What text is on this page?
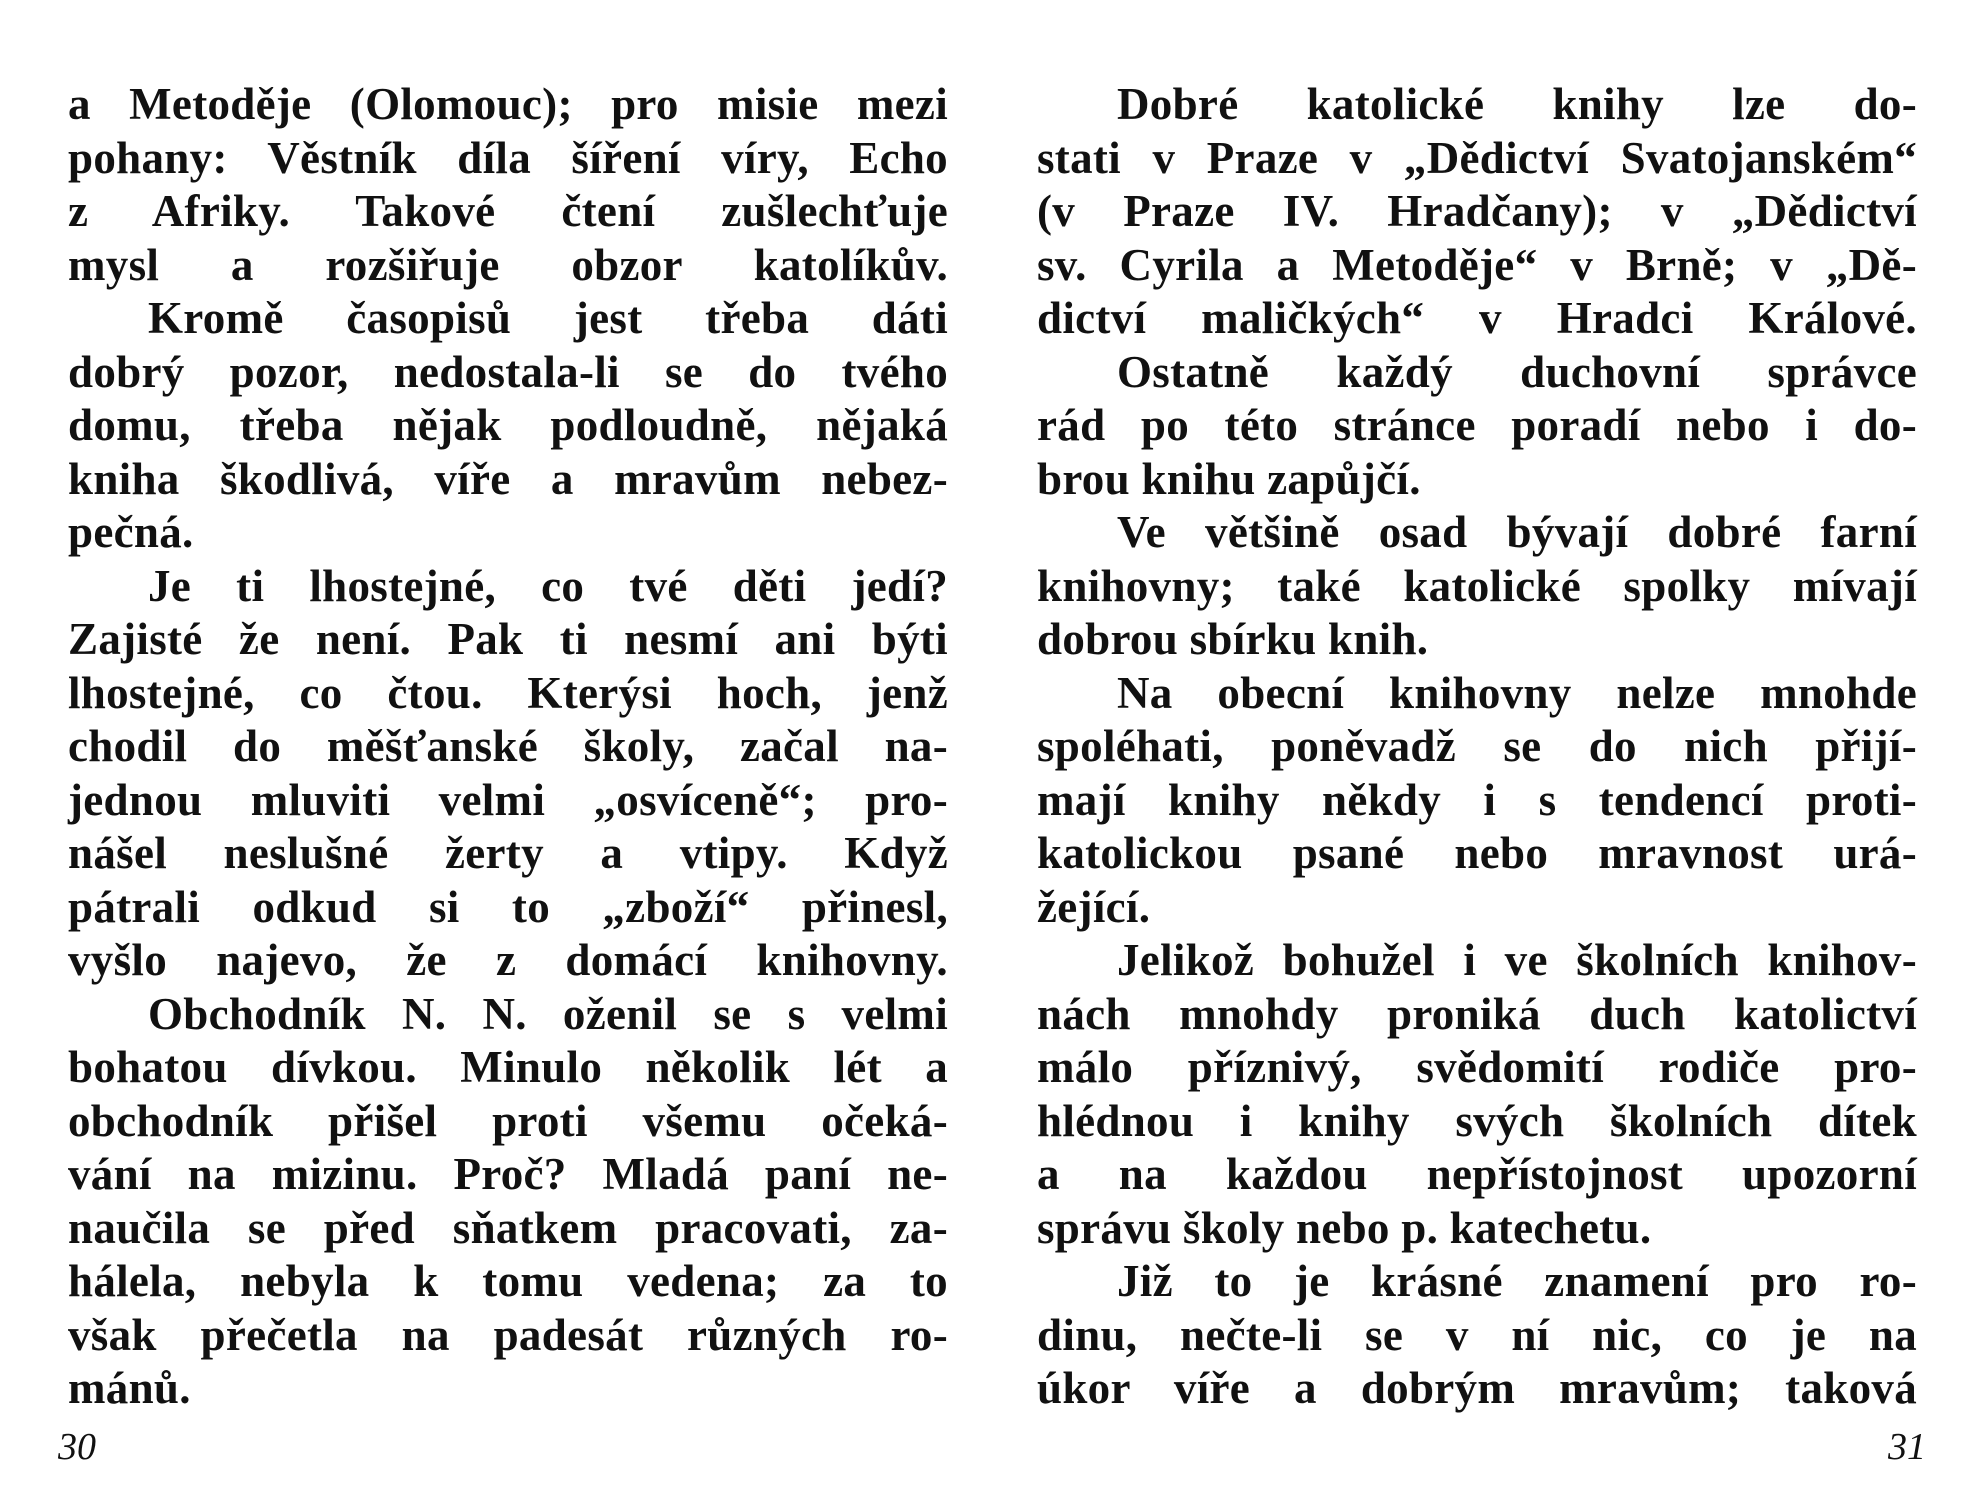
a Metoděje (Olomouc); pro misie mezi
pohany: Věstník díla šíření víry, Echo
z Afriky. Takové čtení zušlechťuje
mysl a rozšiřuje obzor katolíkův.
Kromě časopisů jest třeba dáti
dobrý pozor, nedostala-li se do tvého
domu, třeba nějak podloudně, nějaká
kniha škodlivá, víře a mravům nebez-
pečná.
Je ti lhostejné, co tvé děti jedí?
Zajisté že není. Pak ti nesmí ani býti
lhostejné, co čtou. Kterýsi hoch, jenž
chodil do měšťanské školy, začal na-
jednou mluviti velmi „osvíceně“; pro-
nášel neslušné žerty a vtipy. Když
pátrali odkud si to „zboží“ přinesl,
vyšlo najevo, že z domácí knihovny.
Obchodník N. N. oženil se s velmi
bohatou dívkou. Minulo několik lét a
obchodník přišel proti všemu očeká-
vání na mizinu. Proč? Mladá paní ne-
naučila se před sňatkem pracovati, za-
hálela, nebyla k tomu vedena; za to
však přečetla na padesát různých ro-
mánů.
30
Dobré katolické knihy lze do-
stati v Praze v „Dědictví Svatojanském“
(v Praze IV. Hradčany); v „Dědictví
sv. Cyrila a Metoděje“ v Brně; v „Dě-
dictví maličkých“ v Hradci Králové.
Ostatně každý duchovní správce
rád po této stránce poradí nebo i do-
brou knihu zapůjčí.
Ve většině osad bývají dobré farní
knihovny; také katolické spolky mívají
dobrou sbírku knih.
Na obecní knihovny nelze mnohde
spoléhati, poněvadž se do nich přijí-
mají knihy někdy i s tendencí proti-
katolickou psané nebo mravnost urá-
žející.
Jelikož bohužel i ve školních knihov-
nách mnohdy proniká duch katolictví
málo příznivý, svědomití rodiče pro-
hlédnou i knihy svých školních dítek
a na každou nepřístojnost upozorní
správu školy nebo p. katechetu.
Již to je krásné znamení pro ro-
dinu, nečte-li se v ní nic, co je na
úkor víře a dobrým mravům; taková
31
